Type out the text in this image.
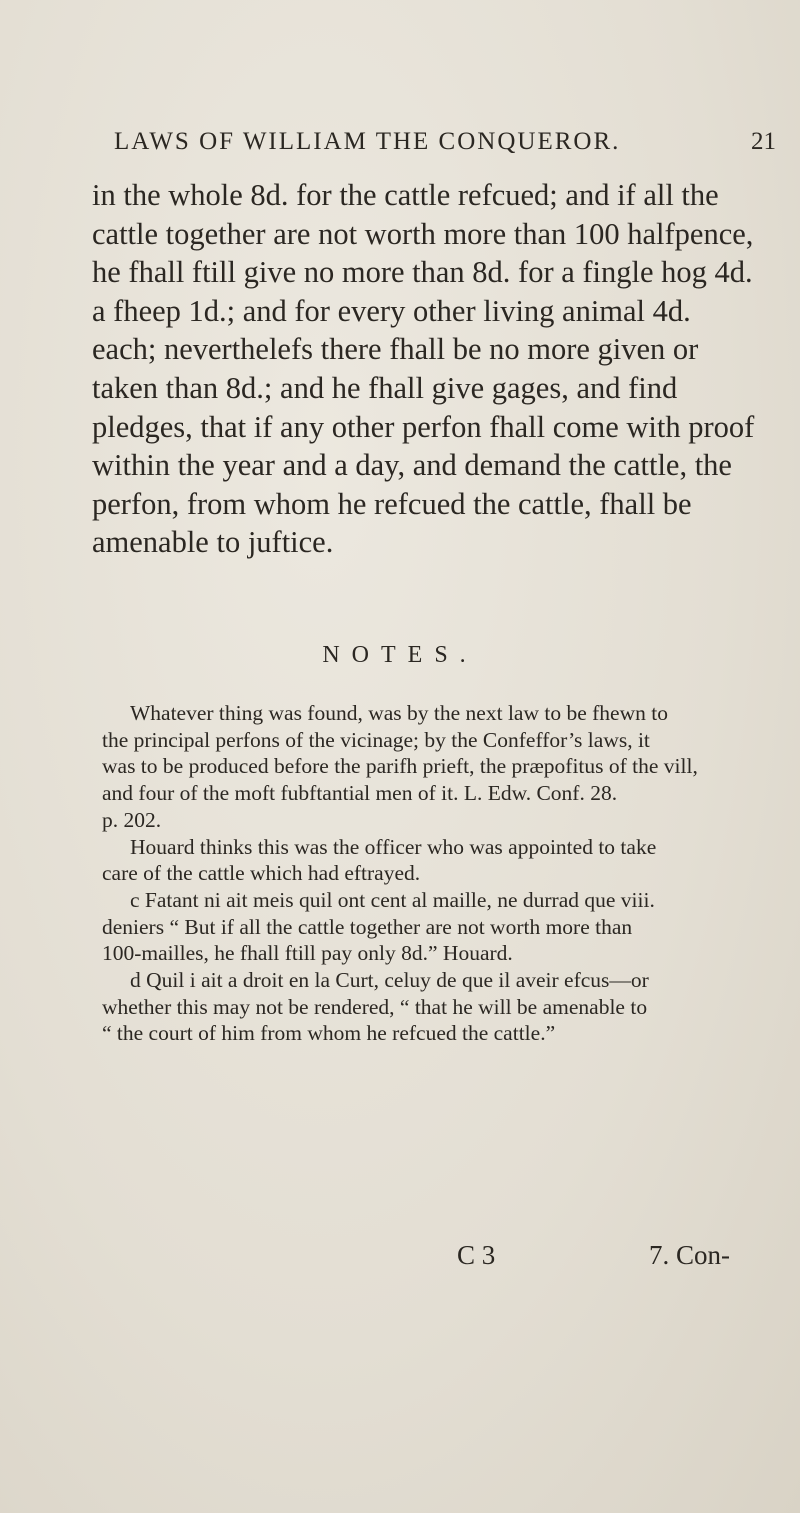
LAWS OF WILLIAM THE CONQUEROR.	21
in the whole 8d. for the cattle refcued; and if all the
cattle together are not worth more than 100 halfpence,
he fhall ftill give no more than 8d. for a fingle hog 4d.
a fheep 1d.; and for every other living animal 4d.
each; neverthelefs there fhall be no more given or
taken than 8d.; and he fhall give gages, and find
pledges, that if any other perfon fhall come with proof
within the year and a day, and demand the cattle, the
perfon, from whom he refcued the cattle, fhall be
amenable to juftice.
NOTES.
Whatever thing was found, was by the next law to be fhewn to
the principal perfons of the vicinage; by the Confeffor’s laws, it
was to be produced before the parifh prieft, the præpofitus of the vill,
and four of the moft fubftantial men of it. L. Edw. Conf. 28.
p. 202.
Houard thinks this was the officer who was appointed to take
care of the cattle which had eftrayed.
c Fatant ni ait meis quil ont cent al maille, ne durrad que viii.
deniers “ But if all the cattle together are not worth more than
100-mailles, he fhall ftill pay only 8d.” Houard.
d Quil i ait a droit en la Curt, celuy de que il aveir efcus—or
whether this may not be rendered, “ that he will be amenable to
“ the court of him from whom he refcued the cattle.”
C 3	7. Con-
